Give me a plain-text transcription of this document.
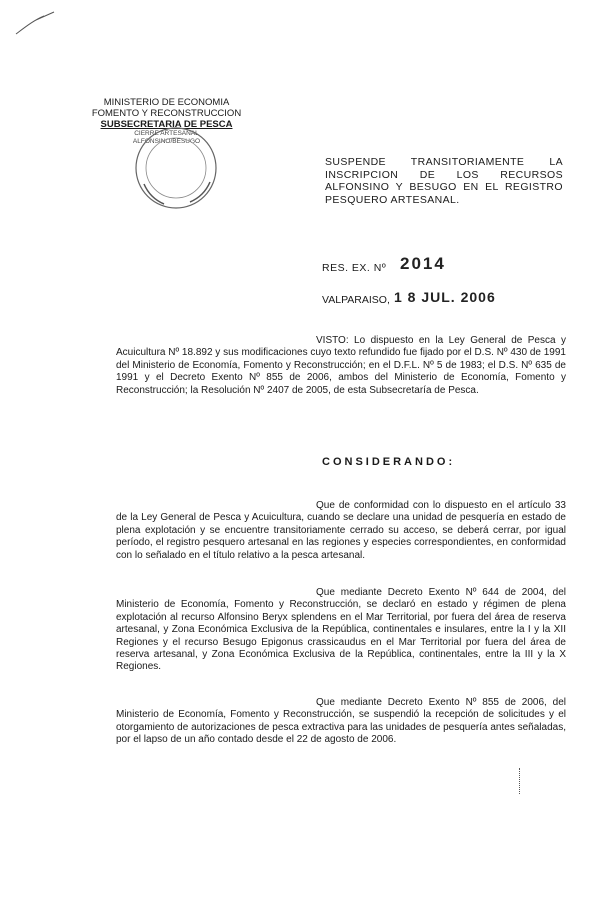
MINISTERIO DE ECONOMIA
FOMENTO Y RECONSTRUCCION
SUBSECRETARIA DE PESCA
CIERRE ARTESANAL
ALFONSINO/BESUGO
SUSPENDE TRANSITORIAMENTE LA
INSCRIPCION DE LOS RECURSOS
ALFONSINO Y BESUGO EN EL REGISTRO
PESQUERO ARTESANAL.
RES. EX. Nº 2014
VALPARAISO, 1 8 JUL. 2006
VISTO: Lo dispuesto en la Ley General de Pesca y Acuicultura Nº 18.892 y sus modificaciones cuyo texto refundido fue fijado por el D.S. Nº 430 de 1991 del Ministerio de Economía, Fomento y Reconstrucción; en el D.F.L. Nº 5 de 1983; el D.S. Nº 635 de 1991 y el Decreto Exento Nº 855 de 2006, ambos del Ministerio de Economía, Fomento y Reconstrucción; la Resolución Nº 2407 de 2005, de esta Subsecretaría de Pesca.
CONSIDERANDO:
Que de conformidad con lo dispuesto en el artículo 33 de la Ley General de Pesca y Acuicultura, cuando se declare una unidad de pesquería en estado de plena explotación y se encuentre transitoriamente cerrado su acceso, se deberá cerrar, por igual período, el registro pesquero artesanal en las regiones y especies correspondientes, en conformidad con lo señalado en el título relativo a la pesca artesanal.
Que mediante Decreto Exento Nº 644 de 2004, del Ministerio de Economía, Fomento y Reconstrucción, se declaró en estado y régimen de plena explotación al recurso Alfonsino Beryx splendens en el Mar Territorial, por fuera del área de reserva artesanal, y Zona Económica Exclusiva de la República, continentales e insulares, entre la I y la XII Regiones y el recurso Besugo Epigonus crassicaudus en el Mar Territorial por fuera del área de reserva artesanal, y Zona Económica Exclusiva de la República, continentales, entre la III y la X Regiones.
Que mediante Decreto Exento Nº 855 de 2006, del Ministerio de Economía, Fomento y Reconstrucción, se suspendió la recepción de solicitudes y el otorgamiento de autorizaciones de pesca extractiva para las unidades de pesquería antes señaladas, por el lapso de un año contado desde el 22 de agosto de 2006.
